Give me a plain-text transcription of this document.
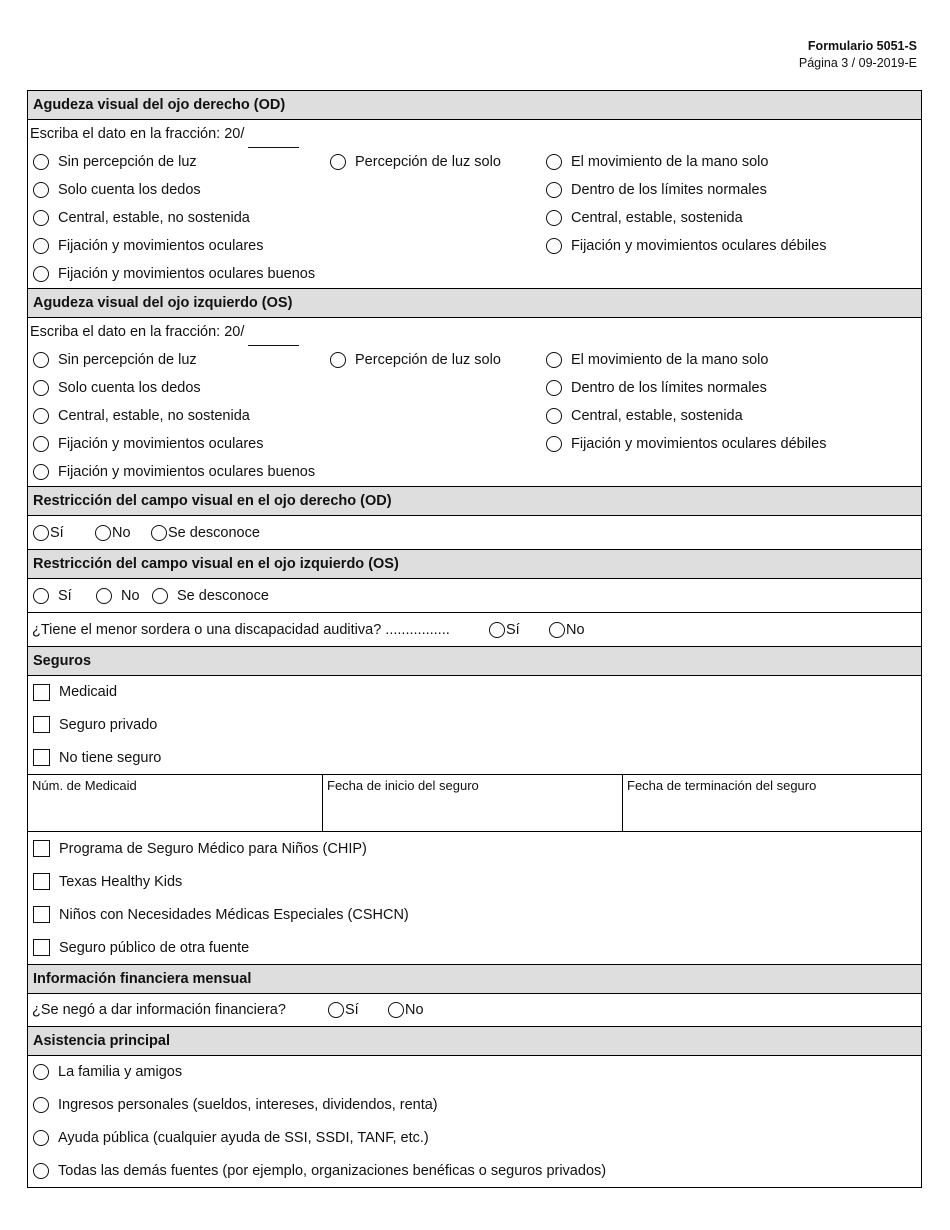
Formulario 5051-S
Página 3 / 09-2019-E
Agudeza visual del ojo derecho (OD)
Escriba el dato en la fracción: 20/
Sin percepción de luz	Percepción de luz solo	El movimiento de la mano solo
Solo cuenta los dedos	Dentro de los límites normales
Central, estable, no sostenida	Central, estable, sostenida
Fijación y movimientos oculares	Fijación y movimientos oculares débiles
Fijación y movimientos oculares buenos
Agudeza visual del ojo izquierdo (OS)
Escriba el dato en la fracción: 20/
Sin percepción de luz	Percepción de luz solo	El movimiento de la mano solo
Solo cuenta los dedos	Dentro de los límites normales
Central, estable, no sostenida	Central, estable, sostenida
Fijación y movimientos oculares	Fijación y movimientos oculares débiles
Fijación y movimientos oculares buenos
Restricción del campo visual en el ojo derecho (OD)
Sí	No	Se desconoce
Restricción del campo visual en el ojo izquierdo (OS)
Sí	No	Se desconoce
¿Tiene el menor sordera o una discapacidad auditiva? ................	Sí	No
Seguros
Medicaid
Seguro privado
No tiene seguro
Núm. de Medicaid	Fecha de inicio del seguro	Fecha de terminación del seguro
Programa de Seguro Médico para Niños (CHIP)
Texas Healthy Kids
Niños con Necesidades Médicas Especiales (CSHCN)
Seguro público de otra fuente
Información financiera mensual
¿Se negó a dar información financiera?	Sí	No
Asistencia principal
La familia y amigos
Ingresos personales (sueldos, intereses, dividendos, renta)
Ayuda pública (cualquier ayuda de SSI, SSDI, TANF, etc.)
Todas las demás fuentes (por ejemplo, organizaciones benéficas o seguros privados)
